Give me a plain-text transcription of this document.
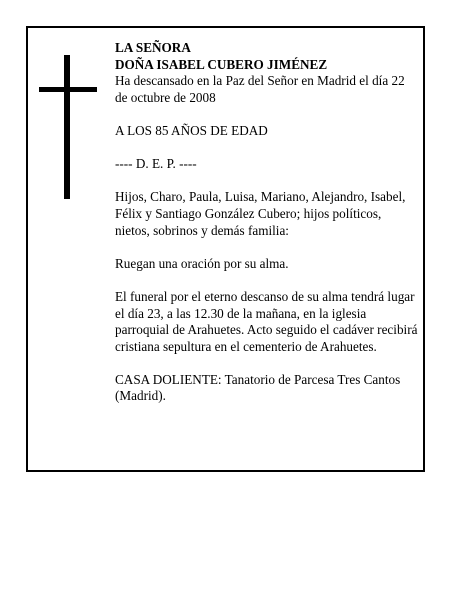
LA SEÑORA
DOÑA ISABEL CUBERO JIMÉNEZ

Ha descansado en la Paz del Señor en Madrid el día 22 de octubre de 2008

A LOS 85 AÑOS DE EDAD

---- D. E. P. ----

Hijos, Charo, Paula, Luisa, Mariano, Alejandro, Isabel, Félix y Santiago González Cubero; hijos políticos, nietos, sobrinos y demás familia:

Ruegan una oración por su alma.

El funeral por el eterno descanso de su alma tendrá lugar el día 23, a las 12.30 de la mañana, en la iglesia parroquial de Arahuetes. Acto seguido el cadáver recibirá cristiana sepultura en el cementerio de Arahuetes.

CASA DOLIENTE: Tanatorio de Parcesa Tres Cantos (Madrid).
